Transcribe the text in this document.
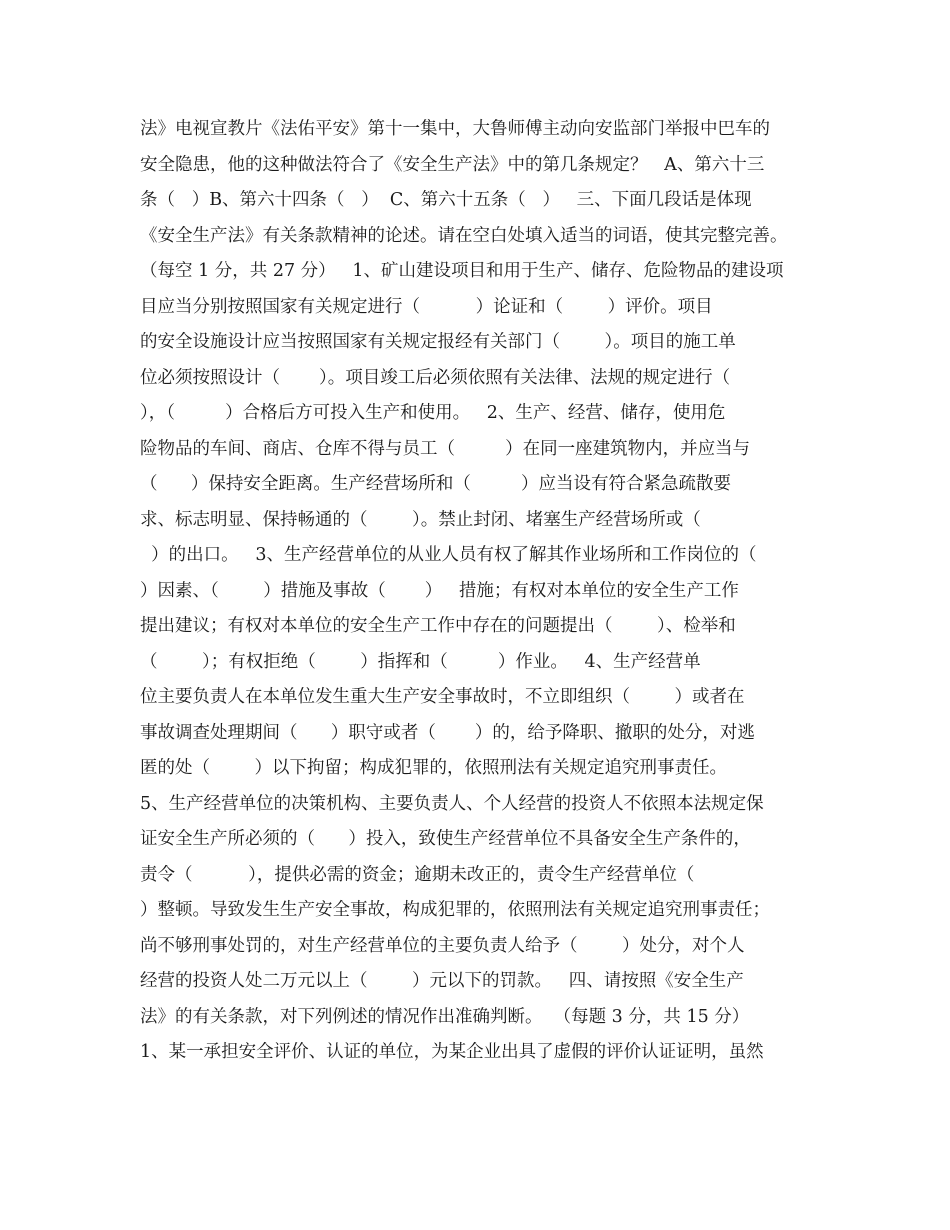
法》电视宣教片《法佑平安》第十一集中，大鲁师傅主动向安监部门举报中巴车的
安全隐患，他的这种做法符合了《安全生产法》中的第几条规定？   A、第六十三
条（   ）B、第六十四条（   ）  C、第六十五条（   ）   三、下面几段话是体现
《安全生产法》有关条款精神的论述。请在空白处填入适当的词语，使其完整完善。
（每空 1 分，共 27 分）   1、矿山建设项目和用于生产、储存、危险物品的建设项
目应当分别按照国家有关规定进行（          ）论证和（        ）评价。项目
的安全设施设计应当按照国家有关规定报经有关部门（        ）。项目的施工单
位必须按照设计（       ）。项目竣工后必须依照有关法律、法规的规定进行（
），（         ）合格后方可投入生产和使用。   2、生产、经营、储存，使用危
险物品的车间、商店、仓库不得与员工（         ）在同一座建筑物内，并应当与
（      ）保持安全距离。生产经营场所和（         ）应当设有符合紧急疏散要
求、标志明显、保持畅通的（        ）。禁止封闭、堵塞生产经营场所或（
）的出口。   3、生产经营单位的从业人员有权了解其作业场所和工作岗位的（
）因素、（        ）措施及事故（       ）   措施；有权对本单位的安全生产工作
提出建议；有权对本单位的安全生产工作中存在的问题提出（        ）、检举和
（        ）；有权拒绝（        ）指挥和（         ）作业。   4、生产经营单
位主要负责人在本单位发生重大生产安全事故时，不立即组织（        ）或者在
事故调查处理期间（      ）职守或者（       ）的，给予降职、撤职的处分，对逃
匿的处（        ）以下拘留；构成犯罪的，依照刑法有关规定追究刑事责任。
5、生产经营单位的决策机构、主要负责人、个人经营的投资人不依照本法规定保
证安全生产所必须的（      ）投入，致使生产经营单位不具备安全生产条件的，
责令（          ），提供必需的资金；逾期未改正的，责令生产经营单位（
）整顿。导致发生生产安全事故，构成犯罪的，依照刑法有关规定追究刑事责任；
尚不够刑事处罚的，对生产经营单位的主要负责人给予（        ）处分，对个人
经营的投资人处二万元以上（        ）元以下的罚款。   四、请按照《安全生产
法》的有关条款，对下列例述的情况作出准确判断。  （每题 3 分，共 15 分）
1、某一承担安全评价、认证的单位，为某企业出具了虚假的评价认证证明，虽然
